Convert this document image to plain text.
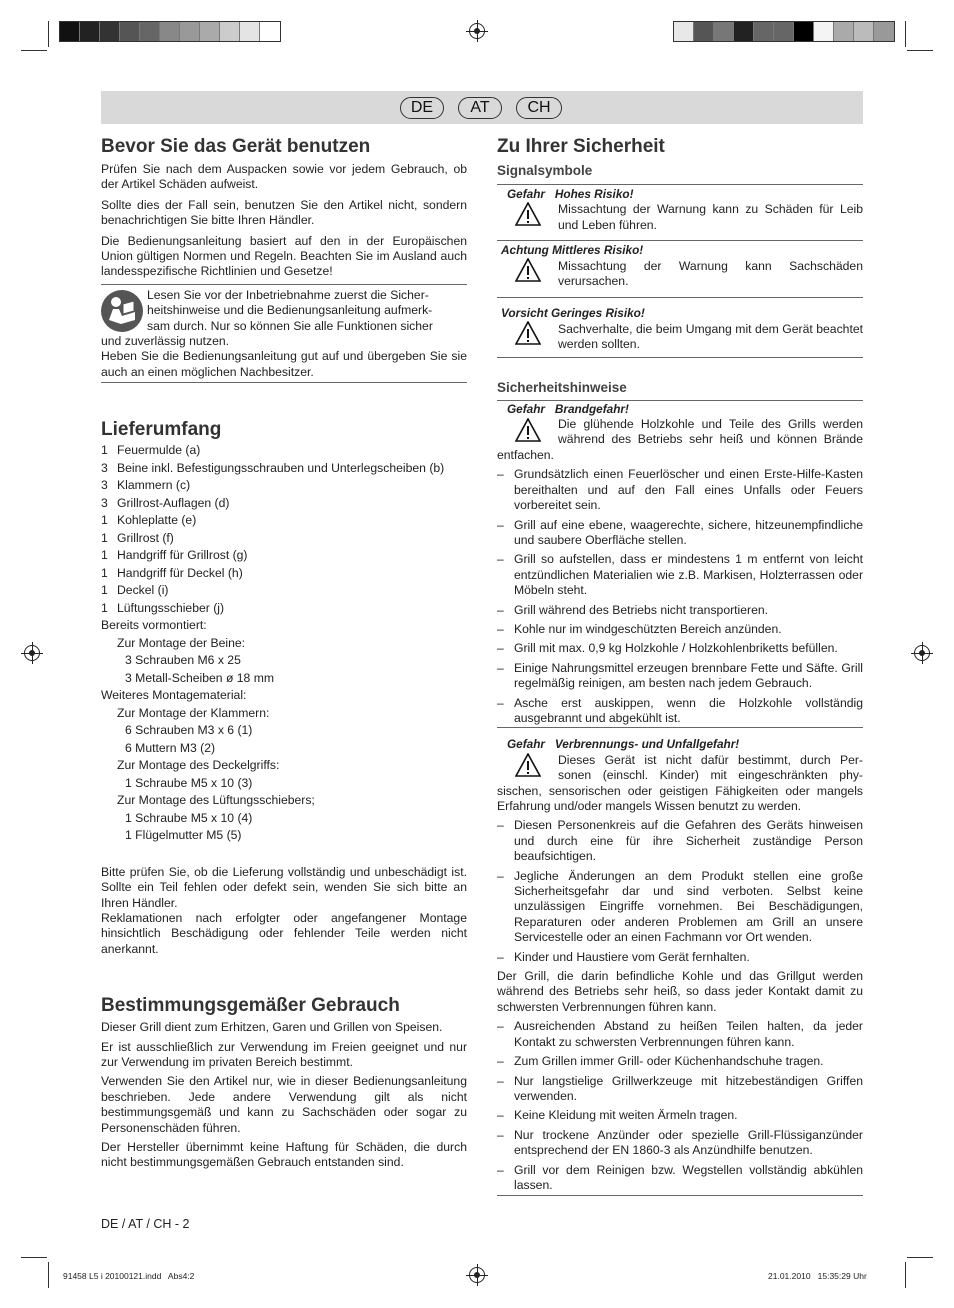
DE	AT	CH
Bevor Sie das Gerät benutzen

Prüfen Sie nach dem Auspacken sowie vor jedem Gebrauch, ob der Artikel Schäden aufweist.

Sollte dies der Fall sein, benutzen Sie den Artikel nicht, sondern benachrichtigen Sie bitte Ihren Händler.

Die Bedienungsanleitung basiert auf den in der Europäischen Union gültigen Normen und Regeln. Beachten Sie im Ausland auch landesspezifische Richtlinien und Gesetze!

Lesen Sie vor der Inbetriebnahme zuerst die Sicher-
heitshinweise und die Bedienungsanleitung aufmerk-
sam durch. Nur so können Sie alle Funktionen sicher
und zuverlässig nutzen.

Heben Sie die Bedienungsanleitung gut auf und übergeben Sie sie auch an einen möglichen Nachbesitzer.

Lieferumfang
1 Feuermulde (a)
3 Beine inkl. Befestigungsschrauben und Unterlegscheiben (b)
3 Klammern (c)
3 Grillrost-Auflagen (d)
1 Kohleplatte (e)
1 Grillrost (f)
1 Handgriff für Grillrost (g)
1 Handgriff für Deckel (h)
1 Deckel (i)
1 Lüftungsschieber (j)
Bereits vormontiert:
Zur Montage der Beine:
3 Schrauben M6 x 25
3 Metall-Scheiben ø 18 mm
Weiteres Montagematerial:
Zur Montage der Klammern:
6 Schrauben M3 x 6 (1)
6 Muttern M3 (2)
Zur Montage des Deckelgriffs:
1 Schraube M5 x 10 (3)
Zur Montage des Lüftungsschiebers;
1 Schraube M5 x 10 (4)
1 Flügelmutter M5 (5)

Bitte prüfen Sie, ob die Lieferung vollständig und unbeschädigt ist. Sollte ein Teil fehlen oder defekt sein, wenden Sie sich bitte an Ihren Händler.

Reklamationen nach erfolgter oder angefangener Montage hinsichtlich Beschädigung oder fehlender Teile werden nicht anerkannt.

Bestimmungsgemäßer Gebrauch

Dieser Grill dient zum Erhitzen, Garen und Grillen von Speisen.

Er ist ausschließlich zur Verwendung im Freien geeignet und nur zur Verwendung im privaten Bereich bestimmt.

Verwenden Sie den Artikel nur, wie in dieser Bedienungsanleitung beschrieben. Jede andere Verwendung gilt als nicht bestimmungsgemäß und kann zu Sachschäden oder sogar zu Personenschäden führen.

Der Hersteller übernimmt keine Haftung für Schäden, die durch nicht bestimmungsgemäßen Gebrauch entstanden sind.

Zu Ihrer Sicherheit
Signalsymbole
Gefahr   Hohes Risiko!

Missachtung der Warnung kann zu Schäden für Leib und Leben führen.

Achtung Mittleres Risiko!

Missachtung der Warnung kann Sachschäden verursachen.

Vorsicht Geringes Risiko!

Sachverhalte, die beim Umgang mit dem Gerät beachtet werden sollten.

Sicherheitshinweise
Gefahr   Brandgefahr!
Die glühende Holzkohle und Teile des Grills werden
während des Betriebs sehr heiß und können Brände
entfachen.
– Grundsätzlich einen Feuerlöscher und einen Erste-Hilfe-Kasten bereithalten und auf den Fall eines Unfalls oder Feuers vorbereitet sein.
– Grill auf eine ebene, waagerechte, sichere, hitzeunempfindliche und saubere Oberfläche stellen.
– Grill so aufstellen, dass er mindestens 1 m entfernt von leicht entzündlichen Materialien wie z.B. Markisen, Holzterrassen oder Möbeln steht.
– Grill während des Betriebs nicht transportieren.
– Kohle nur im windgeschützten Bereich anzünden.
– Grill mit max. 0,9 kg Holzkohle / Holzkohlenbriketts befüllen.
– Einige Nahrungsmittel erzeugen brennbare Fette und Säfte. Grill regelmäßig reinigen, am besten nach jedem Gebrauch.
– Asche erst auskippen, wenn die Holzkohle vollständig ausgebrannt und abgekühlt ist.
Gefahr   Verbrennungs- und Unfallgefahr!
Dieses Gerät ist nicht dafür bestimmt, durch Per-
sonen (einschl. Kinder) mit eingeschränkten phy-

sischen, sensorischen oder geistigen Fähigkeiten oder mangels Erfahrung und/oder mangels Wissen benutzt zu werden.

– Diesen Personenkreis auf die Gefahren des Geräts hinweisen und durch eine für ihre Sicherheit zuständige Person beaufsichtigen.
– Jegliche Änderungen an dem Produkt stellen eine große Sicherheitsgefahr dar und sind verboten. Selbst keine unzulässigen Eingriffe vornehmen. Bei Beschädigungen, Reparaturen oder anderen Problemen am Grill an unsere Servicestelle oder an einen Fachmann vor Ort wenden.
– Kinder und Haustiere vom Gerät fernhalten.

Der Grill, die darin befindliche Kohle und das Grillgut werden während des Betriebs sehr heiß, so dass jeder Kontakt damit zu schwersten Verbrennungen führen kann.

– Ausreichenden Abstand zu heißen Teilen halten, da jeder Kontakt zu schwersten Verbrennungen führen kann.
– Zum Grillen immer Grill- oder Küchenhandschuhe tragen.
– Nur langstielige Grillwerkzeuge mit hitzebeständigen Griffen verwenden.
– Keine Kleidung mit weiten Ärmeln tragen.
– Nur trockene Anzünder oder spezielle Grill-Flüssiganzünder entsprechend der EN 1860-3 als Anzündhilfe benutzen.
– Grill vor dem Reinigen bzw. Wegstellen vollständig abkühlen lassen.
DE / AT / CH - 2
91458 L5 i 20100121.indd   Abs4:2	21.01.2010   15:35:29 Uhr
